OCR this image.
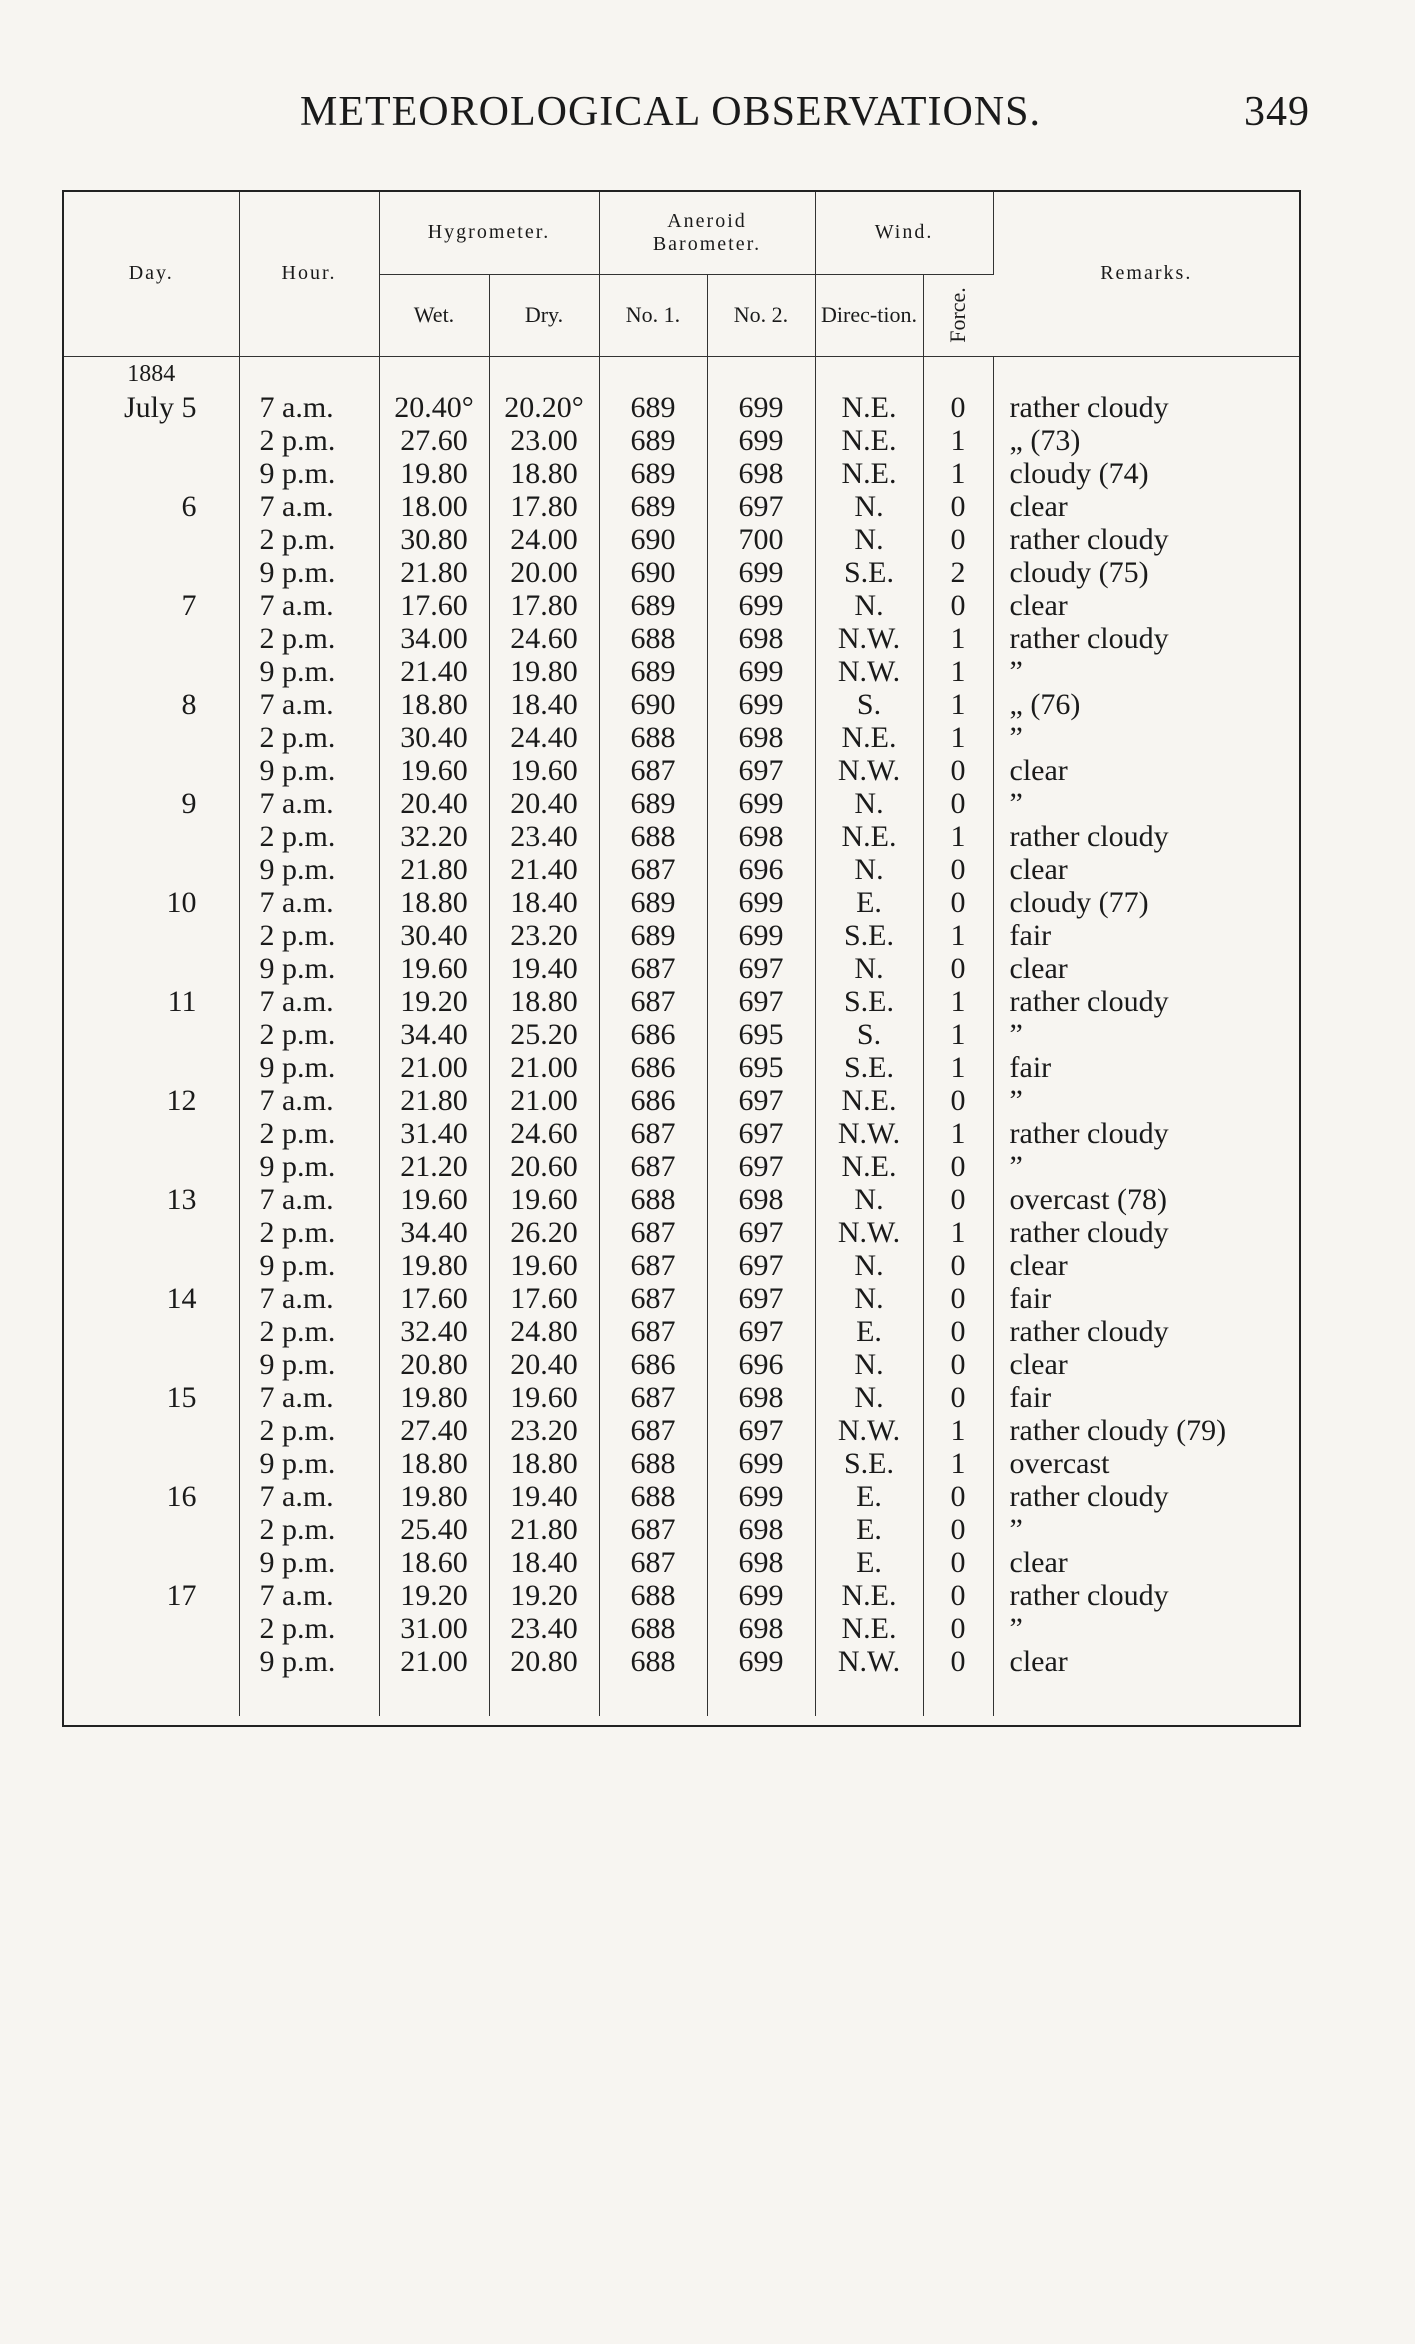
METEOROLOGICAL OBSERVATIONS.	349
Day.	Hour.	Hygrometer.		Aneroid
Barometer.		Wind.		Remarks.
		Wet.	Dry.	No. 1.	No. 2.	Direc-tion.	Force.	
1884								
July 5	7 a.m.	20.40°	20.20°	689	699	N.E.	0	rather cloudy
	2 p.m.	27.60	23.00	689	699	N.E.	1	„ (73)
	9 p.m.	19.80	18.80	689	698	N.E.	1	cloudy (74)
6	7 a.m.	18.00	17.80	689	697	N.	0	clear
	2 p.m.	30.80	24.00	690	700	N.	0	rather cloudy
	9 p.m.	21.80	20.00	690	699	S.E.	2	cloudy (75)
7	7 a.m.	17.60	17.80	689	699	N.	0	clear
	2 p.m.	34.00	24.60	688	698	N.W.	1	rather cloudy
	9 p.m.	21.40	19.80	689	699	N.W.	1	”
8	7 a.m.	18.80	18.40	690	699	S.	1	„ (76)
	2 p.m.	30.40	24.40	688	698	N.E.	1	”
	9 p.m.	19.60	19.60	687	697	N.W.	0	clear
9	7 a.m.	20.40	20.40	689	699	N.	0	”
	2 p.m.	32.20	23.40	688	698	N.E.	1	rather cloudy
	9 p.m.	21.80	21.40	687	696	N.	0	clear
10	7 a.m.	18.80	18.40	689	699	E.	0	cloudy (77)
	2 p.m.	30.40	23.20	689	699	S.E.	1	fair
	9 p.m.	19.60	19.40	687	697	N.	0	clear
11	7 a.m.	19.20	18.80	687	697	S.E.	1	rather cloudy
	2 p.m.	34.40	25.20	686	695	S.	1	”
	9 p.m.	21.00	21.00	686	695	S.E.	1	fair
12	7 a.m.	21.80	21.00	686	697	N.E.	0	”
	2 p.m.	31.40	24.60	687	697	N.W.	1	rather cloudy
	9 p.m.	21.20	20.60	687	697	N.E.	0	”
13	7 a.m.	19.60	19.60	688	698	N.	0	overcast (78)
	2 p.m.	34.40	26.20	687	697	N.W.	1	rather cloudy
	9 p.m.	19.80	19.60	687	697	N.	0	clear
14	7 a.m.	17.60	17.60	687	697	N.	0	fair
	2 p.m.	32.40	24.80	687	697	E.	0	rather cloudy
	9 p.m.	20.80	20.40	686	696	N.	0	clear
15	7 a.m.	19.80	19.60	687	698	N.	0	fair
	2 p.m.	27.40	23.20	687	697	N.W.	1	rather cloudy (79)
	9 p.m.	18.80	18.80	688	699	S.E.	1	overcast
16	7 a.m.	19.80	19.40	688	699	E.	0	rather cloudy
	2 p.m.	25.40	21.80	687	698	E.	0	”
	9 p.m.	18.60	18.40	687	698	E.	0	clear
17	7 a.m.	19.20	19.20	688	699	N.E.	0	rather cloudy
	2 p.m.	31.00	23.40	688	698	N.E.	0	”
	9 p.m.	21.00	20.80	688	699	N.W.	0	clear
